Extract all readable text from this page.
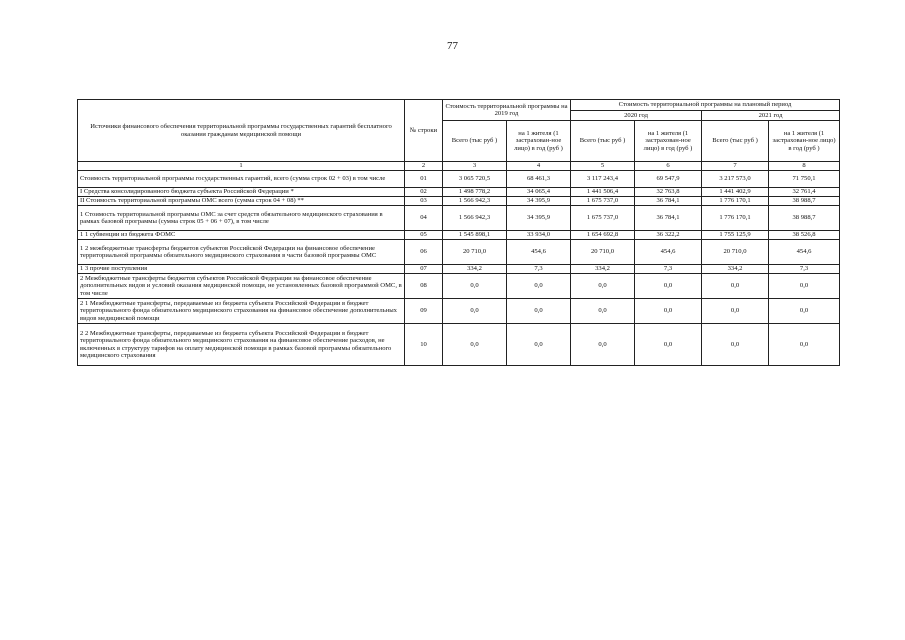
77
Источники финансового обеспечения территориальной программы государственных гарантий бесплатного оказания гражданам медицинской помощи	№ строки	Стоимость территориальной программы на 2019 год		Стоимость территориальной программы на плановый период			
				2020 год		2021 год	
		Всего (тыс руб )	на 1 жителя (1 застрахован-ное лицо) в год (руб )	Всего (тыс руб )	на 1 жителя (1 застрахован-ное лицо) в год (руб )	Всего (тыс руб )	на 1 жителя (1 застрахован-ное лицо) в год (руб )
1	2	3	4	5	6	7	8
Стоимость территориальной программы государственных гарантий, всего (сумма строк 02 + 03) в том числе	01	3 065 720,5	68 461,3	3 117 243,4	69 547,9	3 217 573,0	71 750,1
I Средства консолидированного бюджета субъекта Российской Федерации *	02	1 498 778,2	34 065,4	1 441 506,4	32 763,8	1 441 402,9	32 761,4
II Стоимость территориальной программы ОМС всего (сумма строк 04 + 08) **	03	1 566 942,3	34 395,9	1 675 737,0	36 784,1	1 776 170,1	38 988,7
1 Стоимость территориальной программы ОМС за счет средств обязательного медицинского страхования в рамках базовой программы (сумма строк 05 + 06 + 07), в том числе	04	1 566 942,3	34 395,9	1 675 737,0	36 784,1	1 776 170,1	38 988,7
1 1 субвенции из бюджета ФОМС	05	1 545 898,1	33 934,0	1 654 692,8	36 322,2	1 755 125,9	38 526,8
1 2 межбюджетные трансферты бюджетов субъектов Российской Федерации на финансовое обеспечение территориальной программы обязательного медицинского страхования в части базовой программы ОМС	06	20 710,0	454,6	20 710,0	454,6	20 710,0	454,6
1 3 прочие поступления	07	334,2	7,3	334,2	7,3	334,2	7,3
2 Межбюджетные трансферты бюджетов субъектов Российской Федерации на финансовое обеспечение дополнительных видов и условий оказания медицинской помощи, не установленных базовой программой ОМС, в том числе	08	0,0	0,0	0,0	0,0	0,0	0,0
2 1 Межбюджетные трансферты, передаваемые из бюджета субъекта Российской Федерации в бюджет территориального фонда обязательного медицинского страхования на финансовое обеспечение дополнительных видов медицинской помощи	09	0,0	0,0	0,0	0,0	0,0	0,0
2 2 Межбюджетные трансферты, передаваемые из бюджета субъекта Российской Федерации в бюджет территориального фонда обязательного медицинского страхования на финансовое обеспечение расходов, не включенных в структуру тарифов на оплату медицинской помощи в рамках базовой программы обязательного медицинского страхования	10	0,0	0,0	0,0	0,0	0,0	0,0
